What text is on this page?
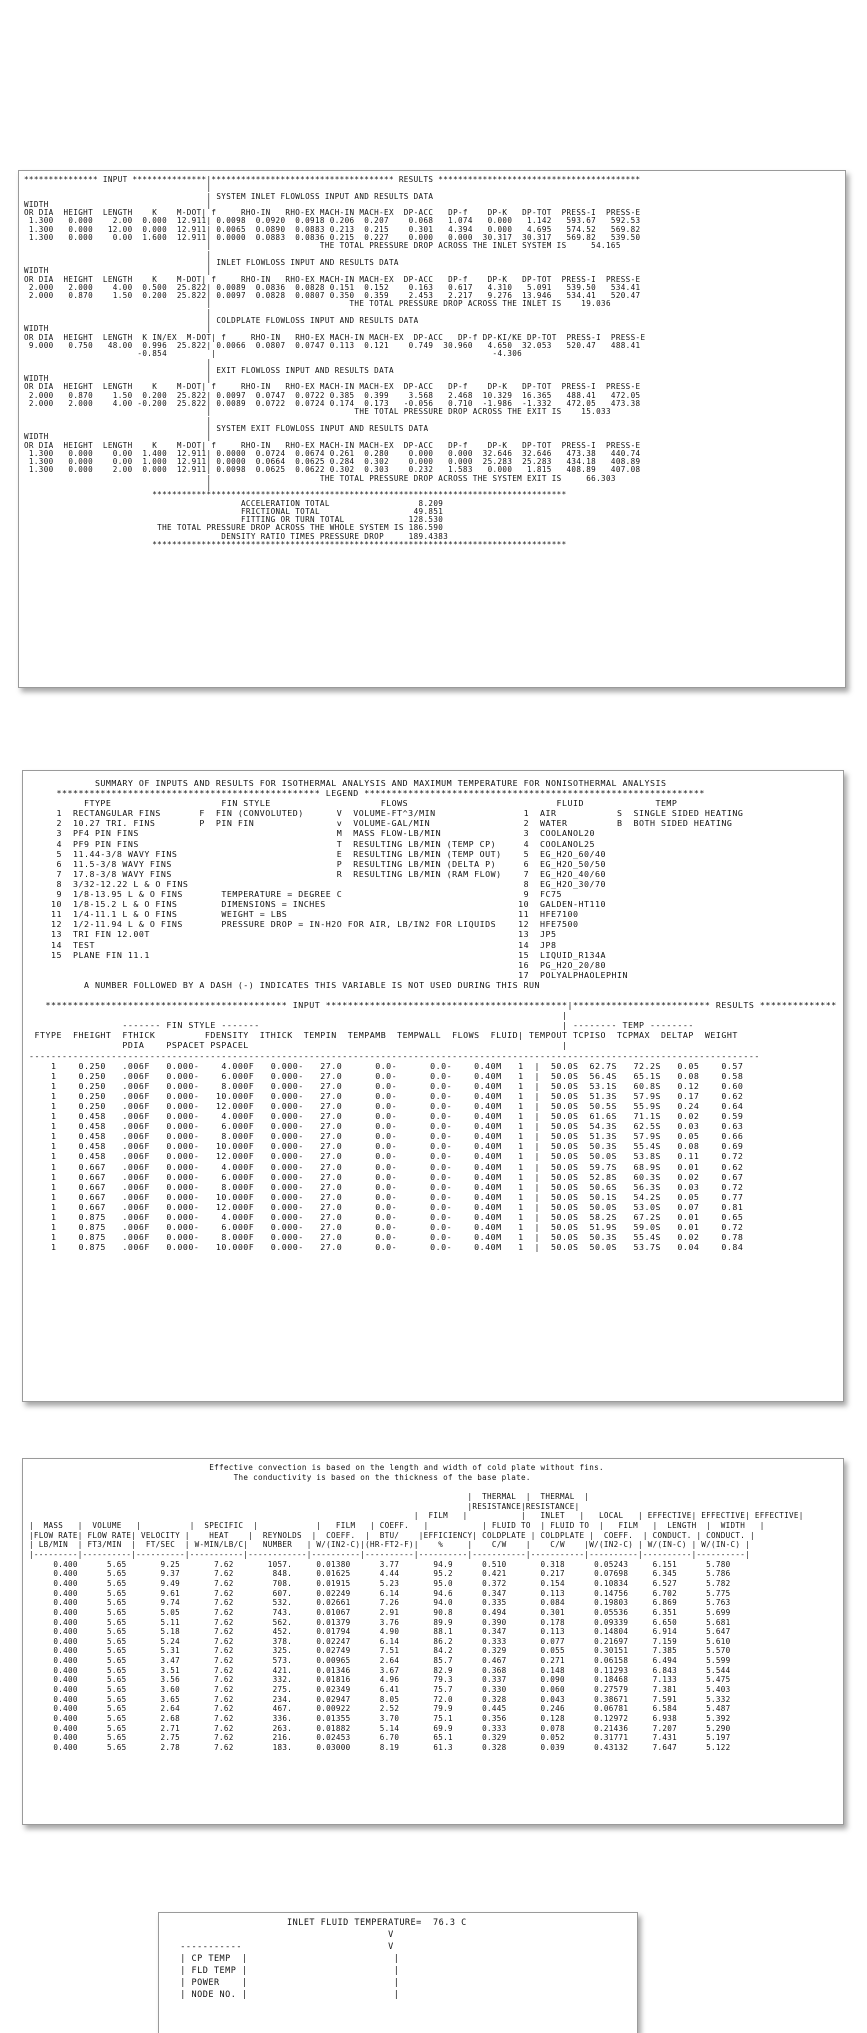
*************** INPUT ***************|************************************* RESULTS *****************************************
|
| SYSTEM INLET FLOWLOSS INPUT AND RESULTS DATA
WIDTH                                |
OR DIA  HEIGHT  LENGTH    K    M-DOT| f     RHO-IN   RHO-EX MACH-IN MACH-EX  DP-ACC   DP-f    DP-K   DP-TOT  PRESS-I  PRESS-E
1.300   0.000    2.00  0.000  12.911| 0.0098  0.0920  0.0918 0.206  0.207    0.068   1.074   0.000   1.142   593.67   592.53
1.300   0.000   12.00  0.000  12.911| 0.0065  0.0890  0.0883 0.213  0.215    0.301   4.394   0.000   4.695   574.52   569.82
1.300   0.000    0.00  1.600  12.911| 0.0000  0.0883  0.0836 0.215  0.227    0.000   0.000  30.317  30.317   569.82   539.50
|                      THE TOTAL PRESSURE DROP ACROSS THE INLET SYSTEM IS     54.165
|
| INLET FLOWLOSS INPUT AND RESULTS DATA
WIDTH                                |
OR DIA  HEIGHT  LENGTH    K    M-DOT| f     RHO-IN   RHO-EX MACH-IN MACH-EX  DP-ACC   DP-f    DP-K   DP-TOT  PRESS-I  PRESS-E
2.000   2.000    4.00  0.500  25.822| 0.0089  0.0836  0.0828 0.151  0.152    0.163   0.617   4.310   5.091   539.50   534.41
2.000   0.870    1.50  0.200  25.822| 0.0097  0.0828  0.0807 0.350  0.359    2.453   2.217   9.276  13.946   534.41   520.47
|                            THE TOTAL PRESSURE DROP ACROSS THE INLET IS    19.036
|
| COLDPLATE FLOWLOSS INPUT AND RESULTS DATA
WIDTH                                |
OR DIA  HEIGHT  LENGTH  K IN/EX  M-DOT| f     RHO-IN   RHO-EX MACH-IN MACH-EX  DP-ACC   DP-f DP-KI/KE DP-TOT  PRESS-I  PRESS-E
9.000   0.750   48.00  0.996  25.822| 0.0066  0.0807  0.0747 0.113  0.121    0.749  30.960   4.650  32.053   520.47   488.41
-0.854         |                                                        -4.306
|
| EXIT FLOWLOSS INPUT AND RESULTS DATA
WIDTH                                |
OR DIA  HEIGHT  LENGTH    K    M-DOT| f     RHO-IN   RHO-EX MACH-IN MACH-EX  DP-ACC   DP-f    DP-K   DP-TOT  PRESS-I  PRESS-E
2.000   0.870    1.50  0.200  25.822| 0.0097  0.0747  0.0722 0.385  0.399    3.568   2.468  10.329  16.365   488.41   472.05
2.000   2.000    4.00 -0.200  25.822| 0.0089  0.0722  0.0724 0.174  0.173   -0.056   0.710  -1.986  -1.332   472.05   473.38
|                             THE TOTAL PRESSURE DROP ACROSS THE EXIT IS    15.033
|
| SYSTEM EXIT FLOWLOSS INPUT AND RESULTS DATA
WIDTH                                |
OR DIA  HEIGHT  LENGTH    K    M-DOT| f     RHO-IN   RHO-EX MACH-IN MACH-EX  DP-ACC   DP-f    DP-K   DP-TOT  PRESS-I  PRESS-E
1.300   0.000    0.00  1.400  12.911| 0.0000  0.0724  0.0674 0.261  0.280    0.000   0.000  32.646  32.646   473.38   440.74
1.300   0.000    0.00  1.000  12.911| 0.0000  0.0664  0.0625 0.284  0.302    0.000   0.000  25.283  25.283   434.18   408.89
1.300   0.000    2.00  0.000  12.911| 0.0098  0.0625  0.0622 0.302  0.303    0.232   1.583   0.000   1.815   408.89   407.08
|                      THE TOTAL PRESSURE DROP ACROSS THE SYSTEM EXIT IS     66.303
|
************************************************************************************
ACCELERATION TOTAL                  8.209
FRICTIONAL TOTAL                   49.851
FITTING OR TURN TOTAL             128.530
THE TOTAL PRESSURE DROP ACROSS THE WHOLE SYSTEM IS 186.590
DENSITY RATIO TIMES PRESSURE DROP     189.4383
************************************************************************************
SUMMARY OF INPUTS AND RESULTS FOR ISOTHERMAL ANALYSIS AND MAXIMUM TEMPERATURE FOR NONISOTHERMAL ANALYSIS
************************************************ LEGEND **************************************************************
FTYPE                    FIN STYLE                    FLOWS                           FLUID             TEMP
1  RECTANGULAR FINS       F  FIN (CONVOLUTED)      V  VOLUME-FT^3/MIN                1  AIR           S  SINGLE SIDED HEATING
2  10.27 TRI. FINS        P  PIN FIN               v  VOLUME-GAL/MIN                 2  WATER         B  BOTH SIDED HEATING
3  PF4 PIN FINS                                    M  MASS FLOW-LB/MIN               3  COOLANOL20
4  PF9 PIN FINS                                    T  RESULTING LB/MIN (TEMP CP)     4  COOLANOL25
5  11.44-3/8 WAVY FINS                             E  RESULTING LB/MIN (TEMP OUT)    5  EG_H2O_60/40
6  11.5-3/8 WAVY FINS                              P  RESULTING LB/MIN (DELTA P)     6  EG_H2O_50/50
7  17.8-3/8 WAVY FINS                              R  RESULTING LB/MIN (RAM FLOW)    7  EG_H2O_40/60
8  3/32-12.22 L & O FINS                                                             8  EG_H2O_30/70
9  1/8-13.95 L & O FINS       TEMPERATURE = DEGREE C                                 9  FC75
10  1/8-15.2 L & O FINS        DIMENSIONS = INCHES                                   10  GALDEN-HT110
11  1/4-11.1 L & O FINS        WEIGHT = LBS                                          11  HFE7100
12  1/2-11.94 L & O FINS       PRESSURE DROP = IN-H2O FOR AIR, LB/IN2 FOR LIQUIDS    12  HFE7500
13  TRI FIN 12.00T                                                                   13  JP5
14  TEST                                                                             14  JP8
15  PLANE FIN 11.1                                                                   15  LIQUID_R134A
16  PG_H2O_20/80
17  POLYALPHAOLEPHIN
A NUMBER FOLLOWED BY A DASH (-) INDICATES THIS VARIABLE IS NOT USED DURING THIS RUN

******************************************** INPUT ********************************************|************************* RESULTS **************
|
------- FIN STYLE -------                                                       | -------- TEMP --------
FTYPE  FHEIGHT  FTHICK         FDENSITY  ITHICK  TEMPIN  TEMPAMB  TEMPWALL  FLOWS  FLUID| TEMPOUT TCPISO  TCPMAX  DELTAP  WEIGHT
PDIA    PSPACET PSPACEL                                                         |
-------------------------------------------------------------------------------------------------------------------------------------
1    0.250   .006F   0.000-    4.000F   0.000-   27.0      0.0-      0.0-    0.40M   1  |  50.0S  62.7S   72.2S   0.05    0.57
1    0.250   .006F   0.000-    6.000F   0.000-   27.0      0.0-      0.0-    0.40M   1  |  50.0S  56.4S   65.1S   0.08    0.58
1    0.250   .006F   0.000-    8.000F   0.000-   27.0      0.0-      0.0-    0.40M   1  |  50.0S  53.1S   60.8S   0.12    0.60
1    0.250   .006F   0.000-   10.000F   0.000-   27.0      0.0-      0.0-    0.40M   1  |  50.0S  51.3S   57.9S   0.17    0.62
1    0.250   .006F   0.000-   12.000F   0.000-   27.0      0.0-      0.0-    0.40M   1  |  50.0S  50.5S   55.9S   0.24    0.64
1    0.458   .006F   0.000-    4.000F   0.000-   27.0      0.0-      0.0-    0.40M   1  |  50.0S  61.6S   71.1S   0.02    0.59
1    0.458   .006F   0.000-    6.000F   0.000-   27.0      0.0-      0.0-    0.40M   1  |  50.0S  54.3S   62.5S   0.03    0.63
1    0.458   .006F   0.000-    8.000F   0.000-   27.0      0.0-      0.0-    0.40M   1  |  50.0S  51.3S   57.9S   0.05    0.66
1    0.458   .006F   0.000-   10.000F   0.000-   27.0      0.0-      0.0-    0.40M   1  |  50.0S  50.3S   55.4S   0.08    0.69
1    0.458   .006F   0.000-   12.000F   0.000-   27.0      0.0-      0.0-    0.40M   1  |  50.0S  50.0S   53.8S   0.11    0.72
1    0.667   .006F   0.000-    4.000F   0.000-   27.0      0.0-      0.0-    0.40M   1  |  50.0S  59.7S   68.9S   0.01    0.62
1    0.667   .006F   0.000-    6.000F   0.000-   27.0      0.0-      0.0-    0.40M   1  |  50.0S  52.8S   60.3S   0.02    0.67
1    0.667   .006F   0.000-    8.000F   0.000-   27.0      0.0-      0.0-    0.40M   1  |  50.0S  50.6S   56.3S   0.03    0.72
1    0.667   .006F   0.000-   10.000F   0.000-   27.0      0.0-      0.0-    0.40M   1  |  50.0S  50.1S   54.2S   0.05    0.77
1    0.667   .006F   0.000-   12.000F   0.000-   27.0      0.0-      0.0-    0.40M   1  |  50.0S  50.0S   53.0S   0.07    0.81
1    0.875   .006F   0.000-    4.000F   0.000-   27.0      0.0-      0.0-    0.40M   1  |  50.0S  58.2S   67.2S   0.01    0.65
1    0.875   .006F   0.000-    6.000F   0.000-   27.0      0.0-      0.0-    0.40M   1  |  50.0S  51.9S   59.0S   0.01    0.72
1    0.875   .006F   0.000-    8.000F   0.000-   27.0      0.0-      0.0-    0.40M   1  |  50.0S  50.3S   55.4S   0.02    0.78
1    0.875   .006F   0.000-   10.000F   0.000-   27.0      0.0-      0.0-    0.40M   1  |  50.0S  50.0S   53.7S   0.04    0.84
Effective convection is based on the length and width of cold plate without fins.
The conductivity is based on the thickness of the base plate.

|  THERMAL  |  THERMAL  |
|RESISTANCE|RESISTANCE|
|  FILM   |           |   INLET   |   LOCAL   | EFFECTIVE| EFFECTIVE| EFFECTIVE|
|  MASS   |  VOLUME   |          |  SPECIFIC  |            |   FILM   | COEFF.   |           | FLUID TO  | FLUID TO  |   FILM   |  LENGTH  |  WIDTH   |
|FLOW RATE| FLOW RATE| VELOCITY |    HEAT    |  REYNOLDS  |  COEFF.  |  BTU/    |EFFICIENCY| COLDPLATE | COLDPLATE |  COEFF.  | CONDUCT. | CONDUCT. |
| LB/MIN  | FT3/MIN  |  FT/SEC  | W-MIN/LB/C|   NUMBER   | W/(IN2-C)|(HR-FT2-F)|    %     |    C/W    |    C/W    |W/(IN2-C) | W/(IN-C) | W/(IN-C) |
|---------|----------|----------|-----------|------------|----------|----------|----------|-----------|-----------|----------|----------|----------|
0.400      5.65       9.25       7.62       1057.     0.01380      3.77       94.9      0.510       0.318      0.05243     6.151      5.780
0.400      5.65       9.37       7.62        848.     0.01625      4.44       95.2      0.421       0.217      0.07698     6.345      5.786
0.400      5.65       9.49       7.62        708.     0.01915      5.23       95.0      0.372       0.154      0.10834     6.527      5.782
0.400      5.65       9.61       7.62        607.     0.02249      6.14       94.6      0.347       0.113      0.14756     6.702      5.775
0.400      5.65       9.74       7.62        532.     0.02661      7.26       94.0      0.335       0.084      0.19803     6.869      5.763
0.400      5.65       5.05       7.62        743.     0.01067      2.91       90.8      0.494       0.301      0.05536     6.351      5.699
0.400      5.65       5.11       7.62        562.     0.01379      3.76       89.9      0.390       0.178      0.09339     6.650      5.681
0.400      5.65       5.18       7.62        452.     0.01794      4.90       88.1      0.347       0.113      0.14804     6.914      5.647
0.400      5.65       5.24       7.62        378.     0.02247      6.14       86.2      0.333       0.077      0.21697     7.159      5.610
0.400      5.65       5.31       7.62        325.     0.02749      7.51       84.2      0.329       0.055      0.30151     7.385      5.570
0.400      5.65       3.47       7.62        573.     0.00965      2.64       85.7      0.467       0.271      0.06158     6.494      5.599
0.400      5.65       3.51       7.62        421.     0.01346      3.67       82.9      0.368       0.148      0.11293     6.843      5.544
0.400      5.65       3.56       7.62        332.     0.01816      4.96       79.3      0.337       0.090      0.18468     7.133      5.475
0.400      5.65       3.60       7.62        275.     0.02349      6.41       75.7      0.330       0.060      0.27579     7.381      5.403
0.400      5.65       3.65       7.62        234.     0.02947      8.05       72.0      0.328       0.043      0.38671     7.591      5.332
0.400      5.65       2.64       7.62        467.     0.00922      2.52       79.9      0.445       0.246      0.06781     6.584      5.487
0.400      5.65       2.68       7.62        336.     0.01355      3.70       75.1      0.356       0.128      0.12972     6.938      5.392
0.400      5.65       2.71       7.62        263.     0.01882      5.14       69.9      0.333       0.078      0.21436     7.207      5.290
0.400      5.65       2.75       7.62        216.     0.02453      6.70       65.1      0.329       0.052      0.31771     7.431      5.197
0.400      5.65       2.78       7.62        183.     0.03000      8.19       61.3      0.328       0.039      0.43132     7.647      5.122
INLET FLUID TEMPERATURE=  76.3 C
V
-----------                          V
| CP TEMP  |                          |
| FLD TEMP |                          |
| POWER    |                          |
| NODE NO. |                          |
